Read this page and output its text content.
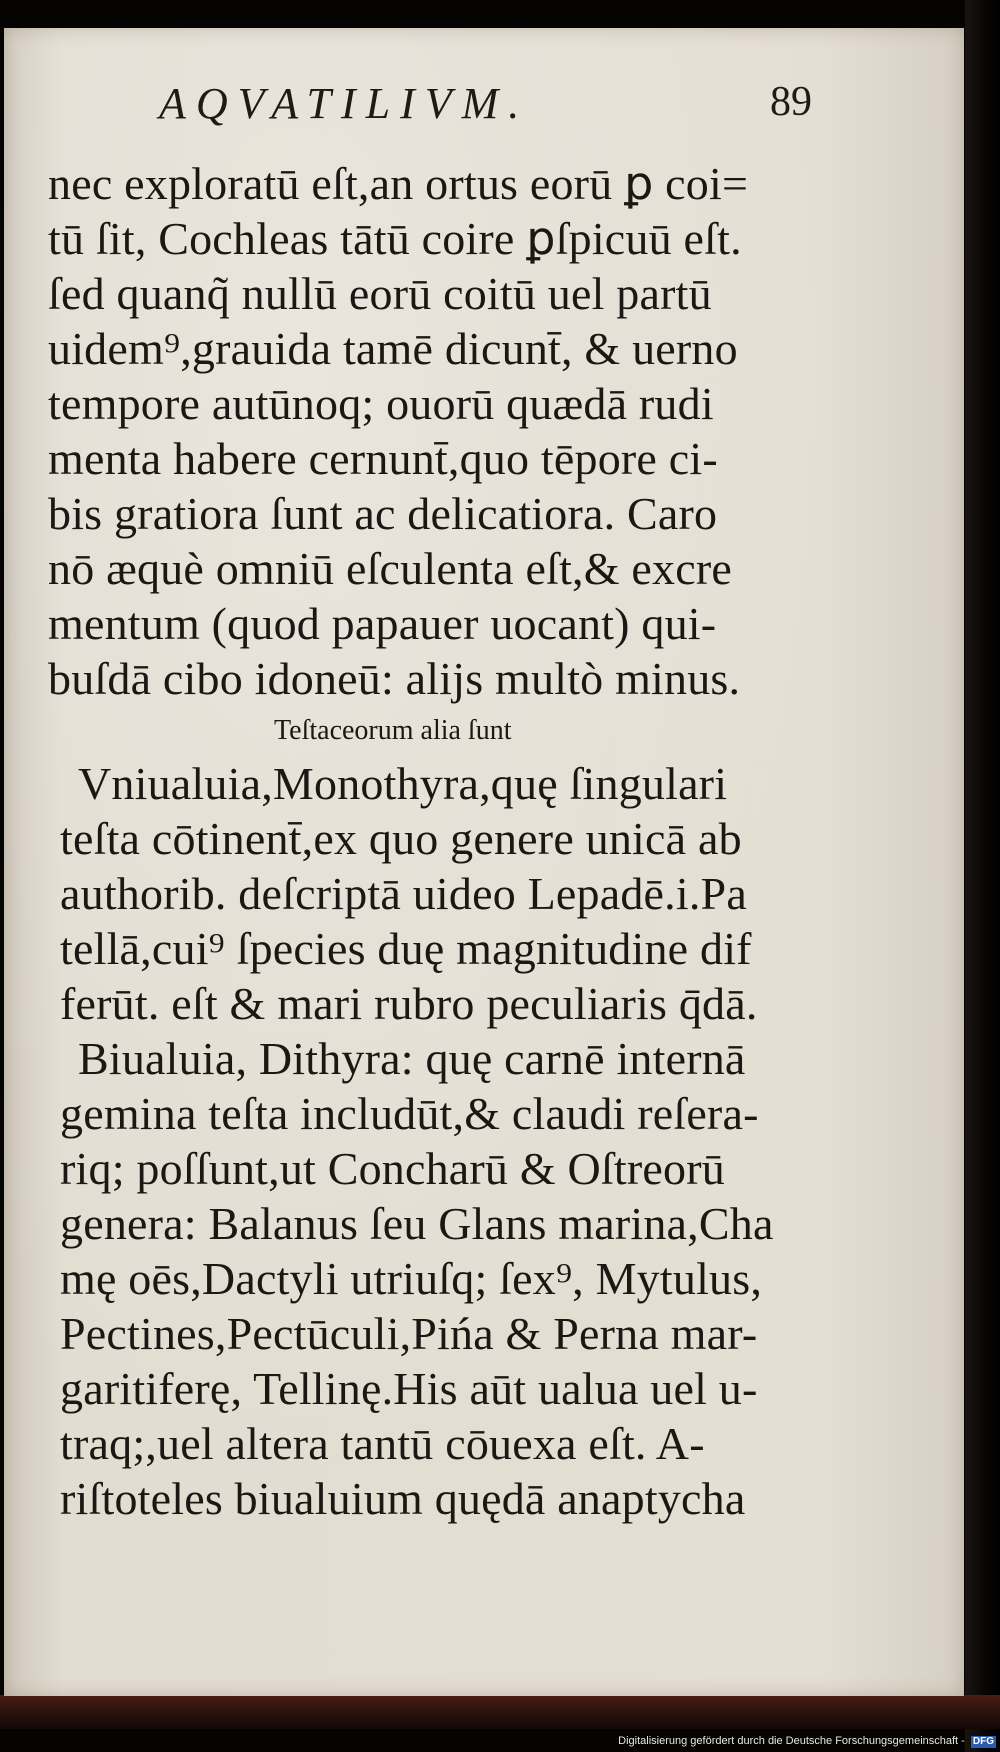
AQVATILIVM.	89
nec exploratū eſt,an ortus eorū ꝑ coi=
tū ſit, Cochleas tātū coire ꝑſpicuū eſt.
ſed quanq̃ nullū eorū coitū uel partū
uidem⁹,grauida tamē dicunt̄, & uerno
tempore autūnoq; ouorū quædā rudi
menta habere cernunt̄,quo tēpore ci-
bis gratiora ſunt ac delicatiora. Caro
nō æquè omniū eſculenta eſt,& excre
mentum (quod papauer uocant) qui-
buſdā cibo idoneū: alijs multò minus.
Teſtaceorum alia ſunt
Vniualuia,Monothyra,quę ſingulari
teſta cōtinent̄,ex quo genere unicā ab
authorib. deſcriptā uideo Lepadē.i.Pa
tellā,cui⁹ ſpecies duę magnitudine dif
ferūt. eſt & mari rubro peculiaris q̄dā.
Biualuia, Dithyra: quę carnē internā
gemina teſta includūt,& claudi reſera-
riq; poſſunt,ut Concharū & Oſtreorū
genera: Balanus ſeu Glans marina,Cha
mę oēs,Dactyli utriuſq; ſex⁹, Mytulus,
Pectines,Pectūculi,Pińa & Perna mar-
garitiferę, Tellinę.His aūt ualua uel u-
traq;,uel altera tantū cōuexa eſt. A-
riſtoteles biualuium quędā anaptycha
Digitalisierung gefördert durch die Deutsche Forschungsgemeinschaft - DFG
